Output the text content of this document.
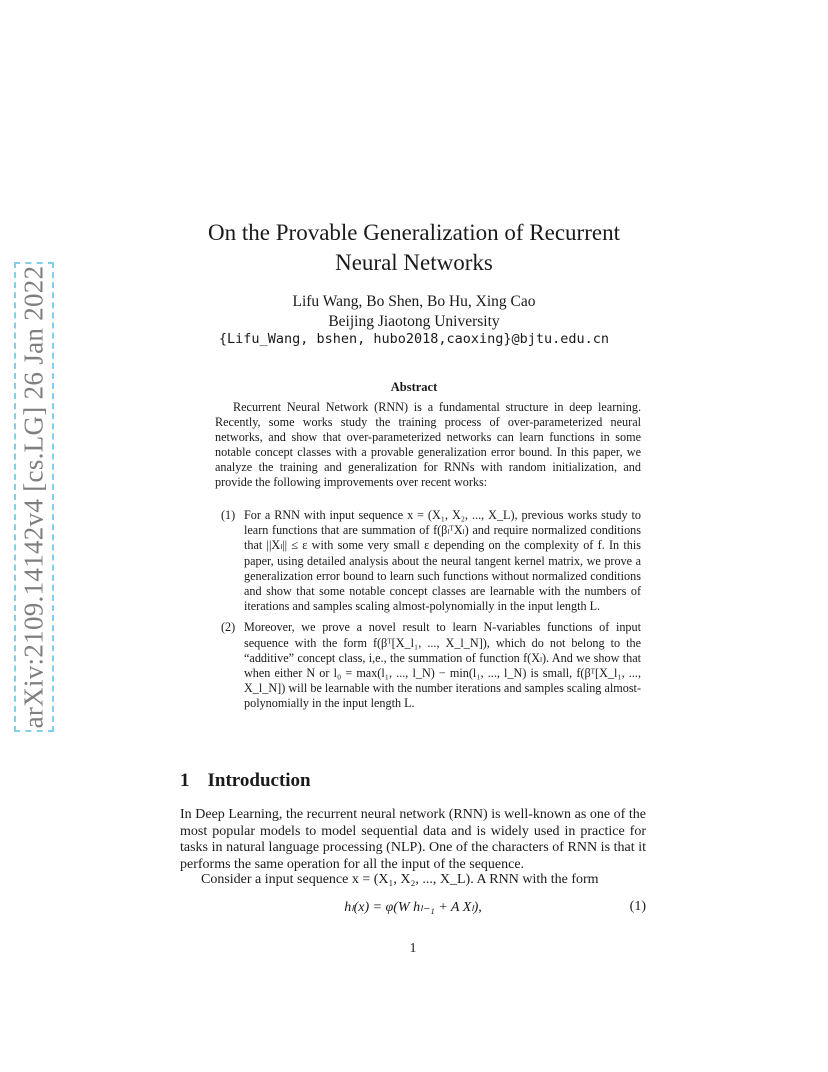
arXiv:2109.14142v4 [cs.LG] 26 Jan 2022
On the Provable Generalization of Recurrent Neural Networks
Lifu Wang, Bo Shen, Bo Hu, Xing Cao
Beijing Jiaotong University
{Lifu_Wang, bshen, hubo2018,caoxing}@bjtu.edu.cn
Abstract

Recurrent Neural Network (RNN) is a fundamental structure in deep learning. Recently, some works study the training process of over-parameterized neural networks, and show that over-parameterized networks can learn functions in some notable concept classes with a provable generalization error bound. In this paper, we analyze the training and generalization for RNNs with random initialization, and provide the following improvements over recent works:

(1) For a RNN with input sequence x = (X₁, X₂, ..., X_L), previous works study to learn functions that are summation of f(βₗᵀXₗ) and require normalized conditions that ||Xₗ|| ≤ ε with some very small ε depending on the complexity of f. In this paper, using detailed analysis about the neural tangent kernel matrix, we prove a generalization error bound to learn such functions without normalized conditions and show that some notable concept classes are learnable with the numbers of iterations and samples scaling almost-polynomially in the input length L.
(2) Moreover, we prove a novel result to learn N-variables functions of input sequence with the form f(βᵀ[X_l₁, ..., X_l_N]), which do not belong to the “additive” concept class, i,e., the summation of function f(Xₗ). And we show that when either N or l₀ = max(l₁, ..., l_N) − min(l₁, ..., l_N) is small, f(βᵀ[X_l₁, ..., X_l_N]) will be learnable with the number iterations and samples scaling almost-polynomially in the input length L.
1 Introduction

In Deep Learning, the recurrent neural network (RNN) is well-known as one of the most popular models to model sequential data and is widely used in practice for tasks in natural language processing (NLP). One of the characters of RNN is that it performs the same operation for all the input of the sequence.

Consider a input sequence x = (X₁, X₂, ..., X_L). A RNN with the form

hₗ(x) = φ(W hₗ₋₁ + A Xₗ),	(1)
1
